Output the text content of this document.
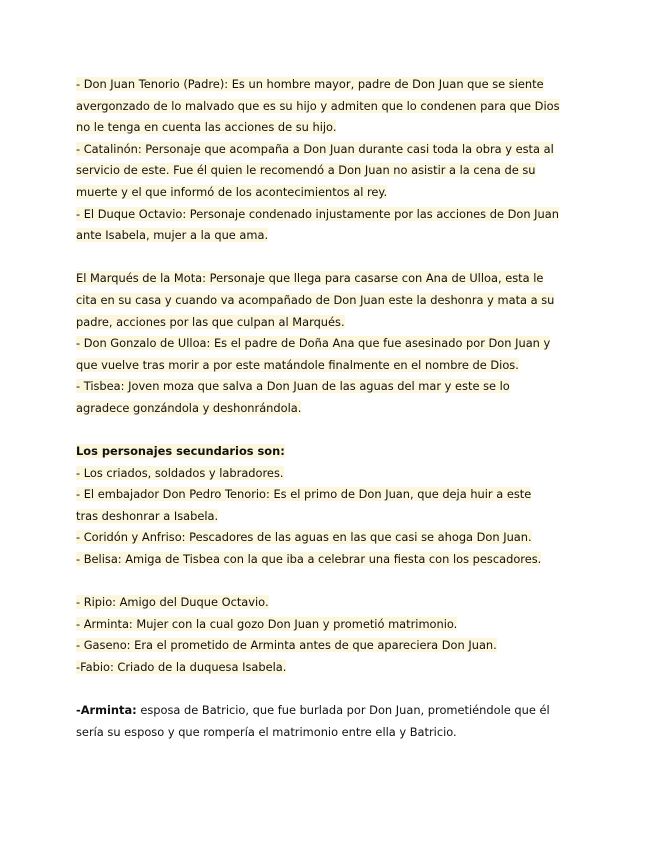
- Don Juan Tenorio (Padre): Es un hombre mayor, padre de Don Juan que se siente
avergonzado de lo malvado que es su hijo y admiten que lo condenen para que Dios
no le tenga en cuenta las acciones de su hijo.
- Catalinón: Personaje que acompaña a Don Juan durante casi toda la obra y esta al
servicio de este. Fue él quien le recomendó a Don Juan no asistir a la cena de su
muerte y el que informó de los acontecimientos al rey.
- El Duque Octavio: Personaje condenado injustamente por las acciones de Don Juan
ante Isabela, mujer a la que ama.
El Marqués de la Mota: Personaje que llega para casarse con Ana de Ulloa, esta le
cita en su casa y cuando va acompañado de Don Juan este la deshonra y mata a su
padre, acciones por las que culpan al Marqués.
- Don Gonzalo de Ulloa: Es el padre de Doña Ana que fue asesinado por Don Juan y
que vuelve tras morir a por este matándole finalmente en el nombre de Dios.
- Tisbea: Joven moza que salva a Don Juan de las aguas del mar y este se lo
agradece gonzándola y deshonrándola.
Los personajes secundarios son:
- Los criados, soldados y labradores.
- El embajador Don Pedro Tenorio: Es el primo de Don Juan, que deja huir a este
tras deshonrar a Isabela.
- Coridón y Anfriso: Pescadores de las aguas en las que casi se ahoga Don Juan.
- Belisa: Amiga de Tisbea con la que iba a celebrar una fiesta con los pescadores.
- Ripio: Amigo del Duque Octavio.
- Arminta: Mujer con la cual gozo Don Juan y prometió matrimonio.
- Gaseno: Era el prometido de Arminta antes de que apareciera Don Juan.
-Fabio: Criado de la duquesa Isabela.
-Arminta: esposa de Batricio, que fue burlada por Don Juan, prometiéndole que él
sería su esposo y que rompería el matrimonio entre ella y Batricio.
